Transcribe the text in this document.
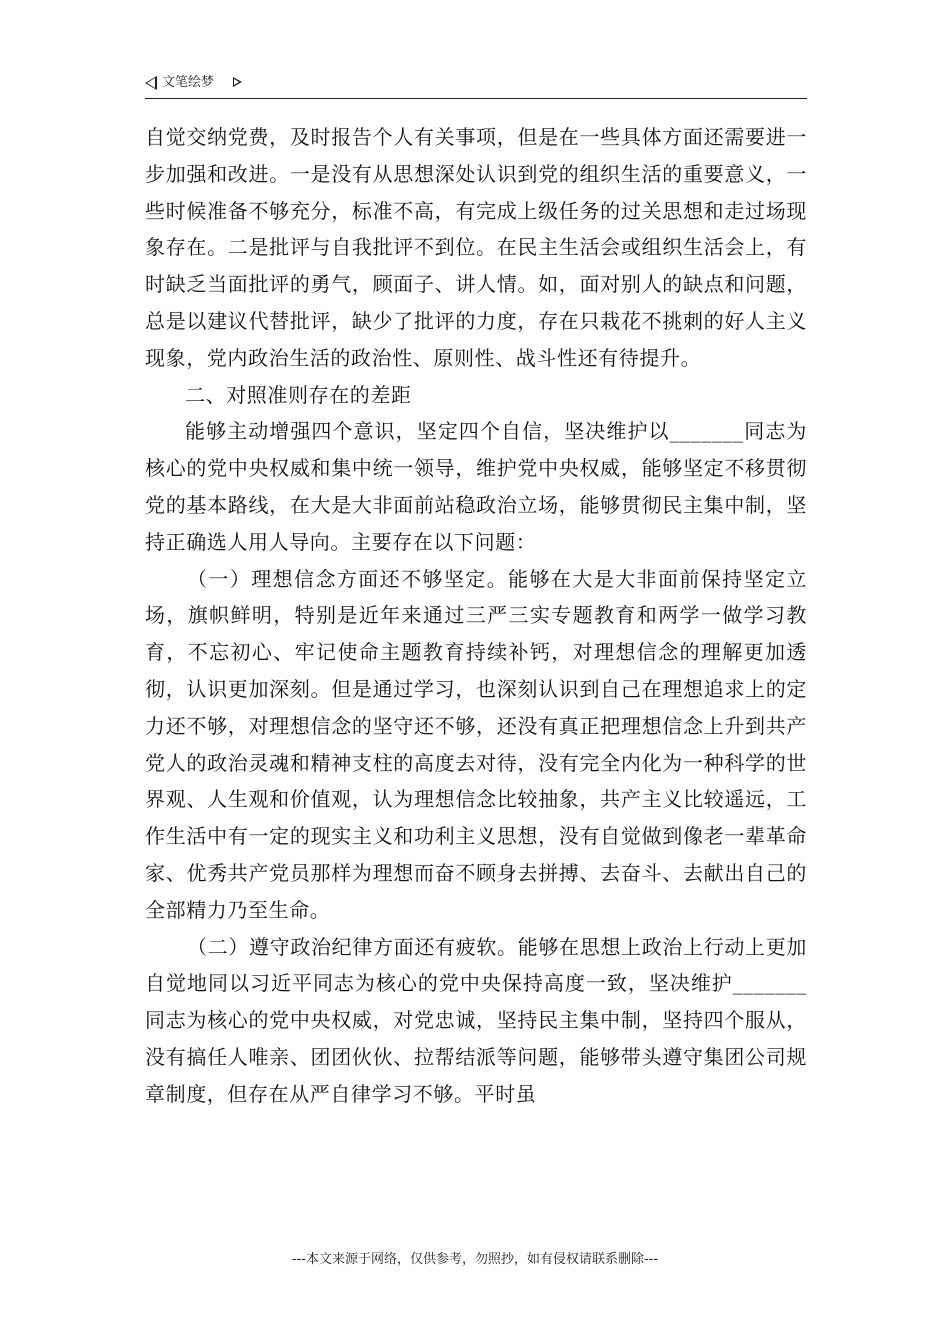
文笔绘梦

自觉交纳党费，及时报告个人有关事项，但是在一些具体方面还需要进一步加强和改进。一是没有从思想深处认识到党的组织生活的重要意义，一些时候准备不够充分，标准不高，有完成上级任务的过关思想和走过场现象存在。二是批评与自我批评不到位。在民主生活会或组织生活会上，有时缺乏当面批评的勇气，顾面子、讲人情。如，面对别人的缺点和问题，总是以建议代替批评，缺少了批评的力度，存在只栽花不挑刺的好人主义现象，党内政治生活的政治性、原则性、战斗性还有待提升。

二、对照准则存在的差距

能够主动增强四个意识，坚定四个自信，坚决维护以_______同志为核心的党中央权威和集中统一领导，维护党中央权威，能够坚定不移贯彻党的基本路线，在大是大非面前站稳政治立场，能够贯彻民主集中制，坚持正确选人用人导向。主要存在以下问题：

（一）理想信念方面还不够坚定。能够在大是大非面前保持坚定立场，旗帜鲜明，特别是近年来通过三严三实专题教育和两学一做学习教育，不忘初心、牢记使命主题教育持续补钙，对理想信念的理解更加透彻，认识更加深刻。但是通过学习，也深刻认识到自己在理想追求上的定力还不够，对理想信念的坚守还不够，还没有真正把理想信念上升到共产党人的政治灵魂和精神支柱的高度去对待，没有完全内化为一种科学的世界观、人生观和价值观，认为理想信念比较抽象，共产主义比较遥远，工作生活中有一定的现实主义和功利主义思想，没有自觉做到像老一辈革命家、优秀共产党员那样为理想而奋不顾身去拼搏、去奋斗、去献出自己的全部精力乃至生命。

（二）遵守政治纪律方面还有疲软。能够在思想上政治上行动上更加自觉地同以习近平同志为核心的党中央保持高度一致，坚决维护_______同志为核心的党中央权威，对党忠诚，坚持民主集中制，坚持四个服从，没有搞任人唯亲、团团伙伙、拉帮结派等问题，能够带头遵守集团公司规章制度，但存在从严自律学习不够。平时虽

---本文来源于网络，仅供参考，勿照抄，如有侵权请联系删除---
